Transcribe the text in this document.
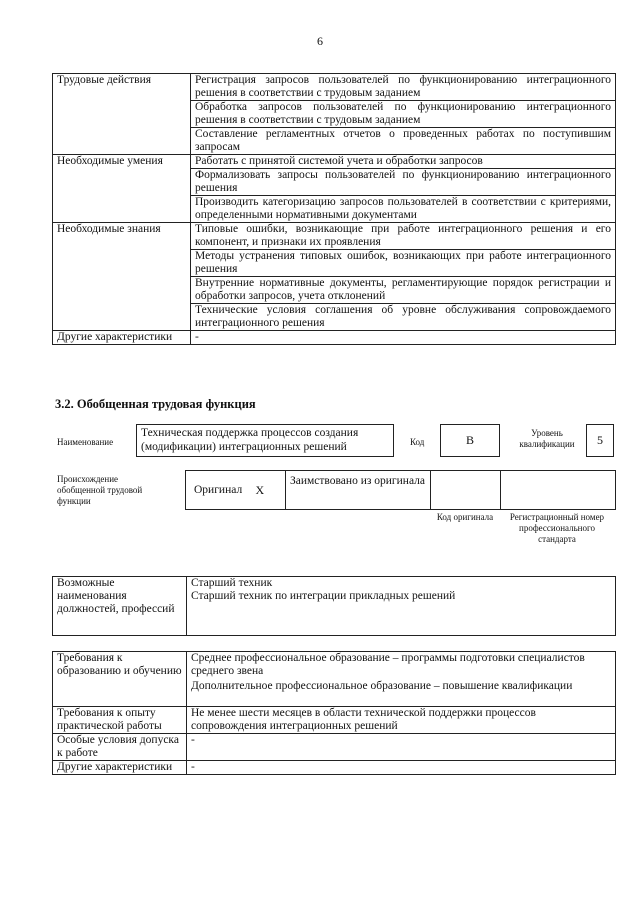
6
Трудовые действия	Регистрация запросов пользователей по функционированию интеграционного решения в соответствии с трудовым заданием
	Обработка запросов пользователей по функционированию интеграционного решения в соответствии с трудовым заданием
	Составление регламентных отчетов о проведенных работах по поступившим запросам
Необходимые умения	Работать с принятой системой учета и обработки запросов
	Формализовать запросы пользователей по функционированию интеграционного решения
	Производить категоризацию запросов пользователей в соответствии с критериями, определенными нормативными документами
Необходимые знания	Типовые ошибки, возникающие при работе интеграционного решения и его компонент, и признаки их проявления
	Методы устранения типовых ошибок, возникающих при работе интеграционного решения
	Внутренние нормативные документы, регламентирующие порядок регистрации и обработки запросов, учета отклонений
	Технические условия соглашения об уровне обслуживания сопровождаемого интеграционного решения
Другие характеристики	-
3.2. Обобщенная трудовая функция
Наименование
Техническая поддержка процессов создания (модификации) интеграционных решений	Код	B	Уровень квалификации	5
Происхождение обобщенной трудовой функции
Оригинал	X	Заимствовано из оригинала		
Код оригинала	Регистрационный номер профессионального стандарта
Возможные наименования должностей, профессий	
Старший техник
Старший техник по интеграции прикладных решений
Требования к образованию и обучению	Среднее профессиональное образование – программы подготовки специалистов среднего звена
Дополнительное профессиональное образование – повышение квалификации

Требования к опыту практической работы	Не менее шести месяцев в области технической поддержки процессов сопровождения интеграционных решений

Особые условия допуска к работе	-

Другие характеристики	-
